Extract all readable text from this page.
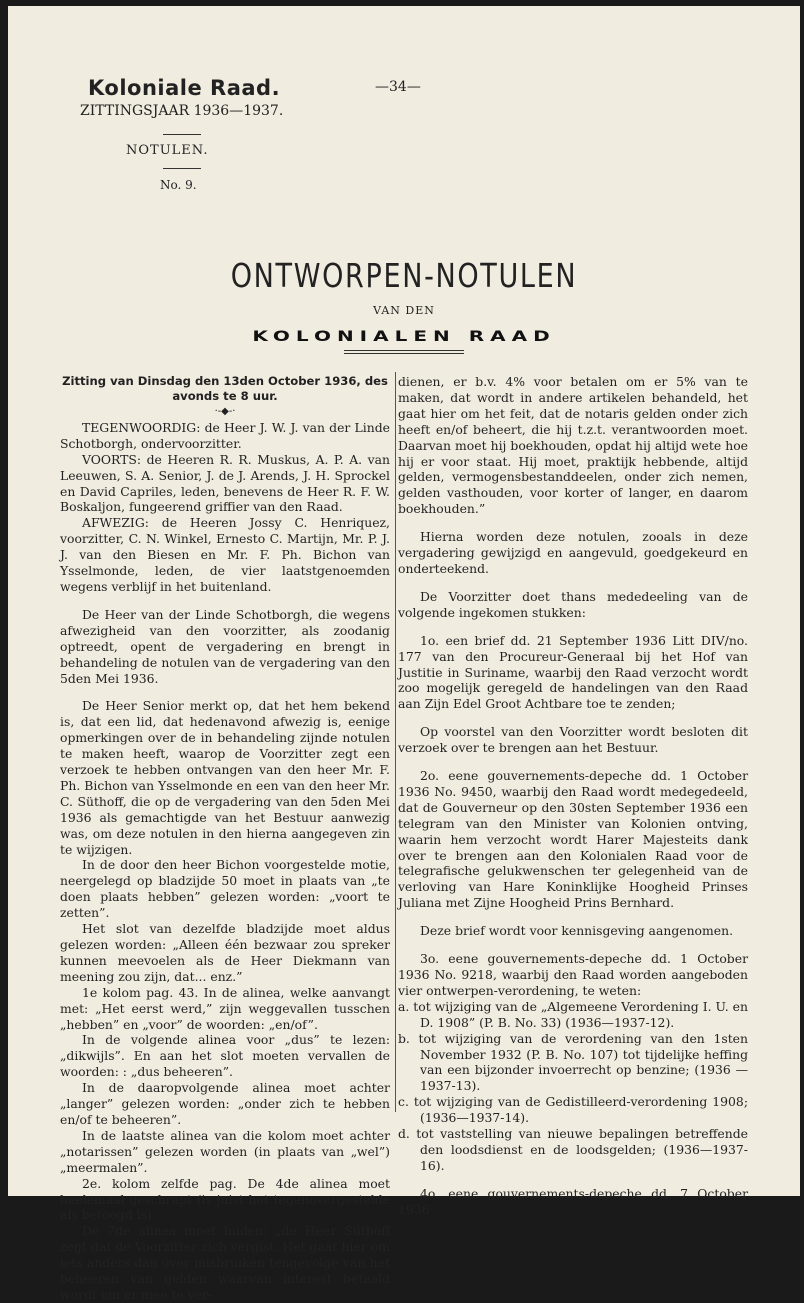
Koloniale Raad.
ZITTINGSJAAR 1936—1937.
—34—
NOTULEN.
No. 9.
ONTWORPEN-NOTULEN
VAN DEN
KOLONIALEN RAAD

Zitting van Dinsdag den 13den October 1936, des avonds te 8 uur.

·-◆-·

TEGENWOORDIG: de Heer J. W. J. van der Linde Schotborgh, ondervoorzitter.

VOORTS: de Heeren R. R. Muskus, A. P. A. van Leeuwen, S. A. Senior, J. de J. Arends, J. H. Sprockel en David Capriles, leden, benevens de Heer R. F. W. Boskaljon, fungeerend griffier van den Raad.

AFWEZIG: de Heeren Jossy C. Henriquez, voorzitter, C. N. Winkel, Ernesto C. Martijn, Mr. P. J. J. van den Biesen en Mr. F. Ph. Bichon van Ysselmonde, leden, de vier laatstgenoemden wegens verblijf in het buitenland.

De Heer van der Linde Schotborgh, die wegens afwezigheid van den voorzitter, als zoodanig optreedt, opent de vergadering en brengt in behandeling de notulen van de vergadering van den 5den Mei 1936.

De Heer Senior merkt op, dat het hem bekend is, dat een lid, dat hedenavond afwezig is, eenige opmerkingen over de in behandeling zijnde notulen te maken heeft, waarop de Voorzitter zegt een verzoek te hebben ontvangen van den heer Mr. F. Ph. Bichon van Ysselmonde en een van den heer Mr. C. Süthoff, die op de vergadering van den 5den Mei 1936 als gemachtigde van het Bestuur aanwezig was, om deze notulen in den hierna aangegeven zin te wijzigen.

In de door den heer Bichon voorgestelde motie, neergelegd op bladzijde 50 moet in plaats van „te doen plaats hebben” gelezen worden: „voort te zetten”.

Het slot van dezelfde bladzijde moet aldus gelezen worden: „Alleen één bezwaar zou spreker kunnen meevoelen als de Heer Diekmann van meening zou zijn, dat... enz.”

1e kolom pag. 43. In de alinea, welke aanvangt met: „Het eerst werd,” zijn weggevallen tusschen „hebben” en „voor” de woorden: „en/of”.

In de volgende alinea voor „dus” te lezen: „dikwijls”. En aan het slot moeten vervallen de woorden: : „dus beheeren”.

In de daaropvolgende alinea moet achter „langer” gelezen worden: „onder zich te hebben en/of te beheeren”.

In de laatste alinea van die kolom moet achter „notarissen” gelezen worden (in plaats van „wel”) „meermalen”.

2e. kolom zelfde pag. De 4de alinea moet heelemaal geschrapt (is juist het tegenovergestelde als betoogd is).

De 7de alinea moet luiden: „de Heer Süthoff zegt dat de Voorzitter zich vergist. Het gaat hier om iets anders dan over misbruiken tengevolge van het beheeren van gelden waarvan interest betaald wordt om er mee te ver-

dienen, er b.v. 4% voor betalen om er 5% van te maken, dat wordt in andere artikelen behandeld, het gaat hier om het feit, dat de notaris gelden onder zich heeft en/of beheert, die hij t.z.t. verantwoorden moet. Daarvan moet hij boekhouden, opdat hij altijd wete hoe hij er voor staat. Hij moet, praktijk hebbende, altijd gelden, vermogensbestanddeelen, onder zich nemen, gelden vasthouden, voor korter of langer, en daarom boekhouden.”

Hierna worden deze notulen, zooals in deze vergadering gewijzigd en aangevuld, goedgekeurd en onderteekend.

De Voorzitter doet thans mededeeling van de volgende ingekomen stukken:

1o. een brief dd. 21 September 1936 Litt DIV/no. 177 van den Procureur-Generaal bij het Hof van Justitie in Suriname, waarbij den Raad verzocht wordt zoo mogelijk geregeld de handelingen van den Raad aan Zijn Edel Groot Achtbare toe te zenden;

Op voorstel van den Voorzitter wordt besloten dit verzoek over te brengen aan het Bestuur.

2o. eene gouvernements-depeche dd. 1 October 1936 No. 9450, waarbij den Raad wordt medegedeeld, dat de Gouverneur op den 30sten September 1936 een telegram van den Minister van Kolonien ontving, waarin hem verzocht wordt Harer Majesteits dank over te brengen aan den Kolonialen Raad voor de telegrafische gelukwenschen ter gelegenheid van de verloving van Hare Koninklijke Hoogheid Prinses Juliana met Zijne Hoogheid Prins Bernhard.

Deze brief wordt voor kennisgeving aangenomen.

3o. eene gouvernements-depeche dd. 1 October 1936 No. 9218, waarbij den Raad worden aangeboden vier ontwerpen-verordening, te weten:

a. tot wijziging van de „Algemeene Verordening I. U. en D. 1908” (P. B. No. 33) (1936—1937-12).

b. tot wijziging van de verordening van den 1sten November 1932 (P. B. No. 107) tot tijdelijke heffing van een bijzonder invoerrecht op benzine; (1936 —1937-13).

c. tot wijziging van de Gedistilleerd-verordening 1908; (1936—1937-14).

d. tot vaststelling van nieuwe bepalingen betreffende den loodsdienst en de loodsgelden; (1936—1937-16).

4o. eene gouvernements-depeche dd. 7 October 1936
